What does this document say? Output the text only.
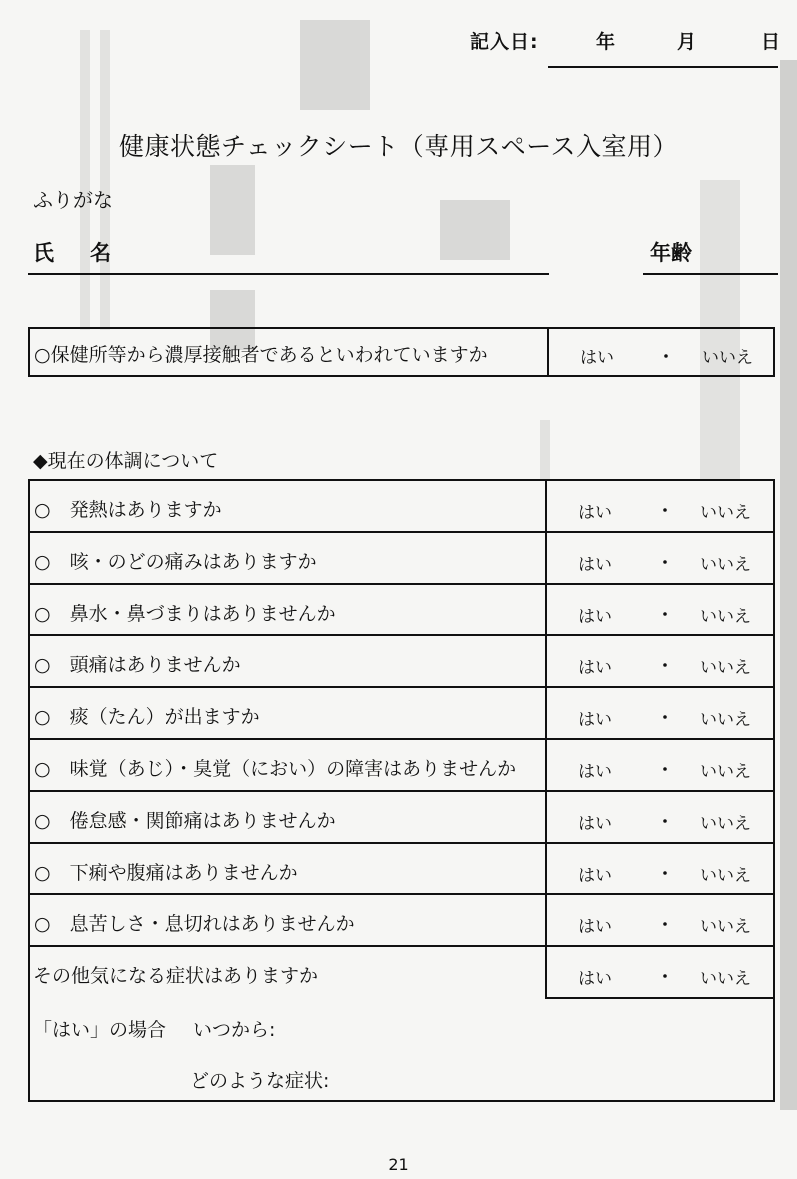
記入日:	年	月	日
健康状態チェックシート（専用スペース入室用）
ふりがな
氏名	年齢
○保健所等から濃厚接触者であるといわれていますか	はい	・ いいえ
◆現在の体調について
○　発熱はありますか	はい	・ いいえ
○　咳・のどの痛みはありますか	はい	・ いいえ
○　鼻水・鼻づまりはありませんか	はい	・ いいえ
○　頭痛はありませんか	はい	・ いいえ
○　痰（たん）が出ますか	はい	・ いいえ
○　味覚（あじ）・臭覚（におい）の障害はありませんか	はい	・ いいえ
○　倦怠感・関節痛はありませんか	はい	・ いいえ
○　下痢や腹痛はありませんか	はい	・ いいえ
○　息苦しさ・息切れはありませんか	はい	・ いいえ
その他気になる症状はありますか	はい	・ いいえ
「はい」の場合 いつから:
どのような症状:
21
